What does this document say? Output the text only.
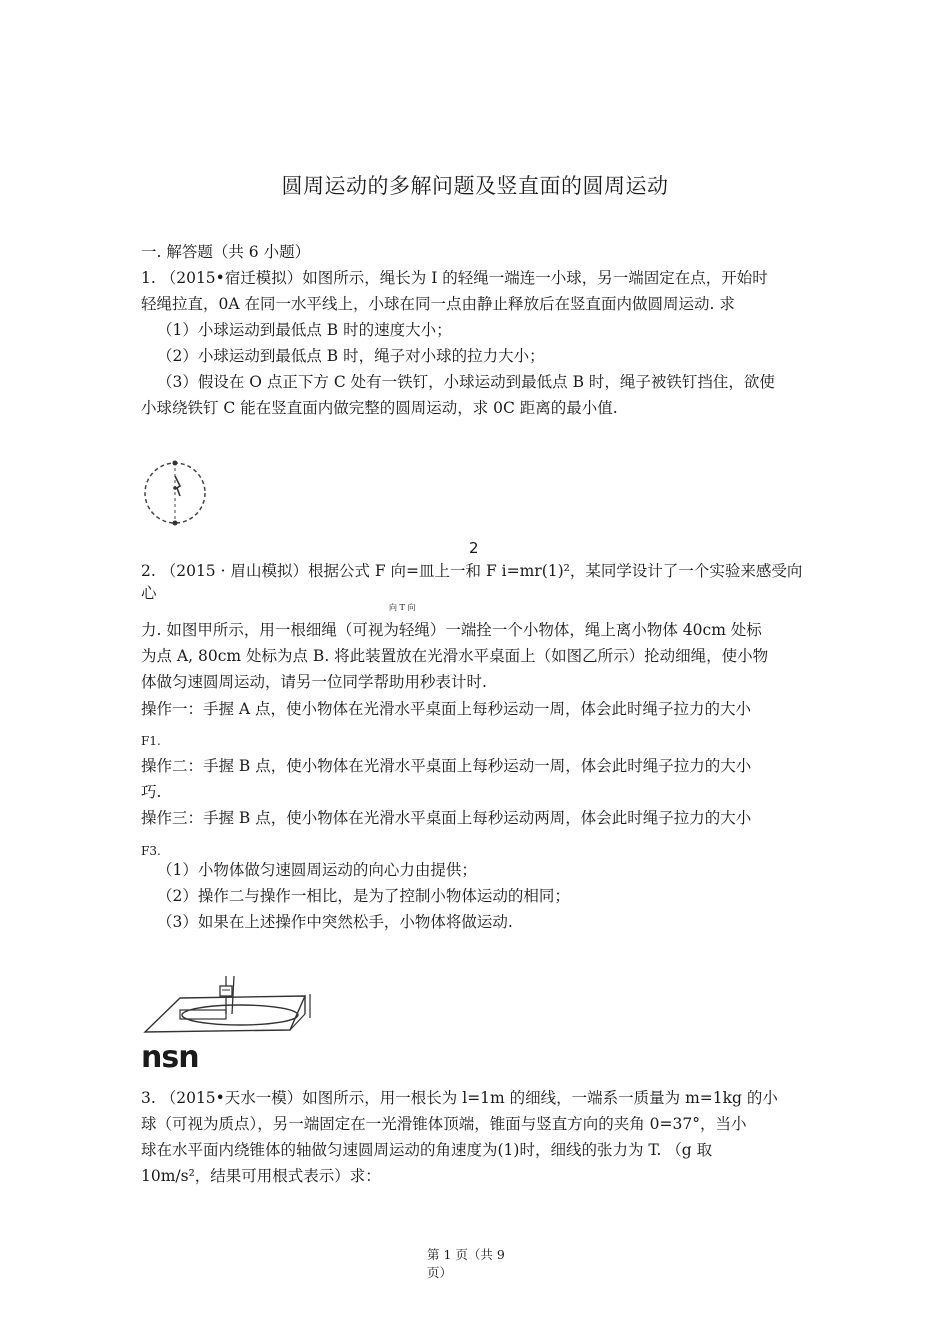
圆周运动的多解问题及竖直面的圆周运动
一. 解答题（共 6 小题）
1. （2015•宿迁模拟）如图所示，绳长为 I 的轻绳一端连一小球，另一端固定在点，开始时
轻绳拉直，0A 在同一水平线上，小球在同一点由静止释放后在竖直面内做圆周运动. 求
（1）小球运动到最低点 B 时的速度大小；
（2）小球运动到最低点 B 时，绳子对小球的拉力大小；
（3）假设在 O 点正下方 C 处有一铁钉，小球运动到最低点 B 时，绳子被铁钉挡住，欲使
小球绕铁钉 C 能在竖直面内做完整的圆周运动，求 0C 距离的最小值.
2
2. （2015 · 眉山模拟）根据公式 F 向=皿上一和 F i=mr(1)²，某同学设计了一个实验来感受向
心
向 T 向
力. 如图甲所示，用一根细绳（可视为轻绳）一端拴一个小物体，绳上离小物体 40cm 处标
为点 A, 80cm 处标为点 B. 将此装置放在光滑水平桌面上（如图乙所示）抡动细绳，使小物
体做匀速圆周运动，请另一位同学帮助用秒表计时.
操作一：手握 A 点，使小物体在光滑水平桌面上每秒运动一周，体会此时绳子拉力的大小
F1.
操作二：手握 B 点，使小物体在光滑水平桌面上每秒运动一周，体会此时绳子拉力的大小
巧.
操作三：手握 B 点，使小物体在光滑水平桌面上每秒运动两周，体会此时绳子拉力的大小
F3.
（1）小物体做匀速圆周运动的向心力由提供；
（2）操作二与操作一相比，是为了控制小物体运动的相同；
（3）如果在上述操作中突然松手，小物体将做运动.
nsn
3. （2015•天水一模）如图所示，用一根长为 l=1m 的细线，一端系一质量为 m=1kg 的小
球（可视为质点），另一端固定在一光滑锥体顶端，锥面与竖直方向的夹角 0=37°，当小
球在水平面内绕锥体的轴做匀速圆周运动的角速度为(1)时，细线的张力为 T. （g 取
10m/s²，结果可用根式表示）求：
第 1 页（共 9
页）
